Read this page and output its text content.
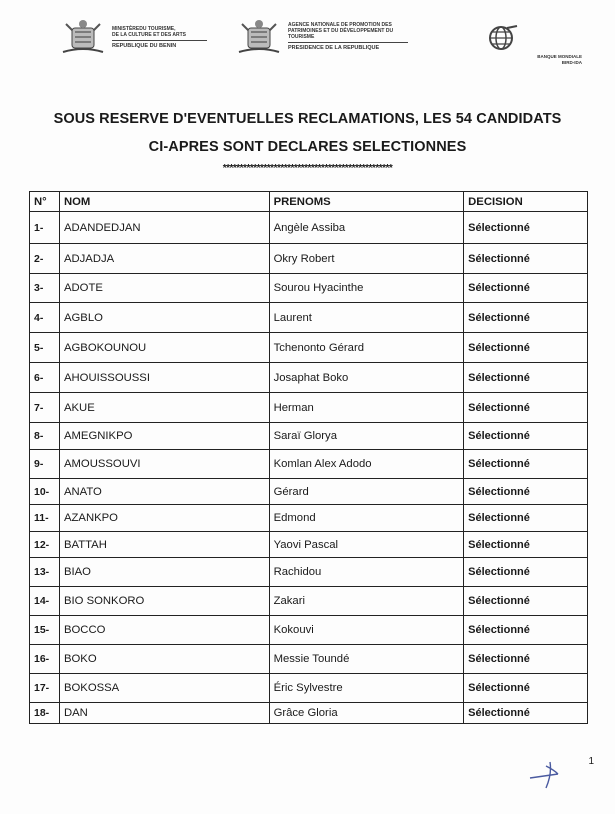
MINISTÈREDU TOURISME,
DE LA CULTURE ET DES ARTS
REPUBLIQUE DU BENIN
AGENCE NATIONALE DE PROMOTION DES
PATRIMOINES ET DU DÉVELOPPEMENT DU
TOURISME
PRESIDENCE DE LA REPUBLIQUE
BANQUE MONDIALE
BIRD-IDA
SOUS RESERVE D'EVENTUELLES RECLAMATIONS, LES 54 CANDIDATS
CI-APRES SONT DECLARES SELECTIONNES
**************************************************
N°	NOM	PRENOMS	DECISION
1-	ADANDEDJAN	Angèle Assiba	Sélectionné
2-	ADJADJA	Okry Robert	Sélectionné
3-	ADOTE	Sourou Hyacinthe	Sélectionné
4-	AGBLO	Laurent	Sélectionné
5-	AGBOKOUNOU	Tchenonto Gérard	Sélectionné
6-	AHOUISSOUSSI	Josaphat Boko	Sélectionné
7-	AKUE	Herman	Sélectionné
8-	AMEGNIKPO	Saraï Glorya	Sélectionné
9-	AMOUSSOUVI	Komlan Alex Adodo	Sélectionné
10-	ANATO	Gérard	Sélectionné
11-	AZANKPO	Edmond	Sélectionné
12-	BATTAH	Yaovi Pascal	Sélectionné
13-	BIAO	Rachidou	Sélectionné
14-	BIO SONKORO	Zakari	Sélectionné
15-	BOCCO	Kokouvi	Sélectionné
16-	BOKO	Messie Toundé	Sélectionné
17-	BOKOSSA	Éric Sylvestre	Sélectionné
18-	DAN	Grâce Gloria	Sélectionné
1
